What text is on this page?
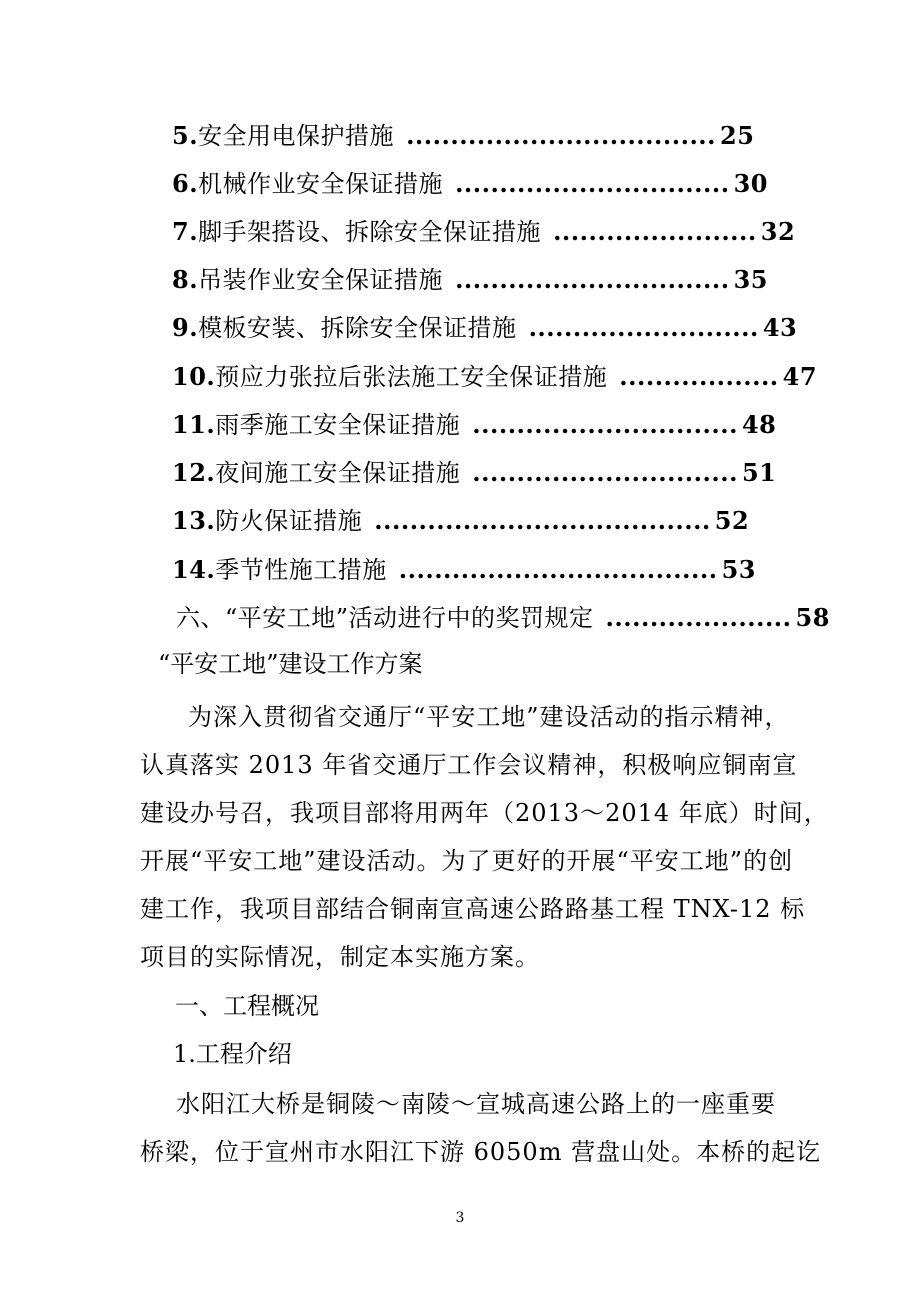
5.安全用电保护措施 ................................... 25
6.机械作业安全保证措施 ............................... 30
7.脚手架搭设、拆除安全保证措施 ....................... 32
8.吊装作业安全保证措施 ............................... 35
9.模板安装、拆除安全保证措施 .......................... 43
10.预应力张拉后张法施工安全保证措施 .................. 47
11.雨季施工安全保证措施 .............................. 48
12.夜间施工安全保证措施 .............................. 51
13.防火保证措施 ...................................... 52
14.季节性施工措施 .................................... 53
六、“平安工地”活动进行中的奖罚规定 ..................... 58
“平安工地”建设工作方案
为深入贯彻省交通厅“平安工地”建设活动的指示精神，
认真落实 2013 年省交通厅工作会议精神，积极响应铜南宣
建设办号召，我项目部将用两年（2013～2014 年底）时间，
开展“平安工地”建设活动。为了更好的开展“平安工地”的创
建工作，我项目部结合铜南宣高速公路路基工程 TNX-12 标
项目的实际情况，制定本实施方案。
一、工程概况
1.工程介绍
水阳江大桥是铜陵～南陵～宣城高速公路上的一座重要
桥梁，位于宣州市水阳江下游 6050m 营盘山处。本桥的起讫
3
